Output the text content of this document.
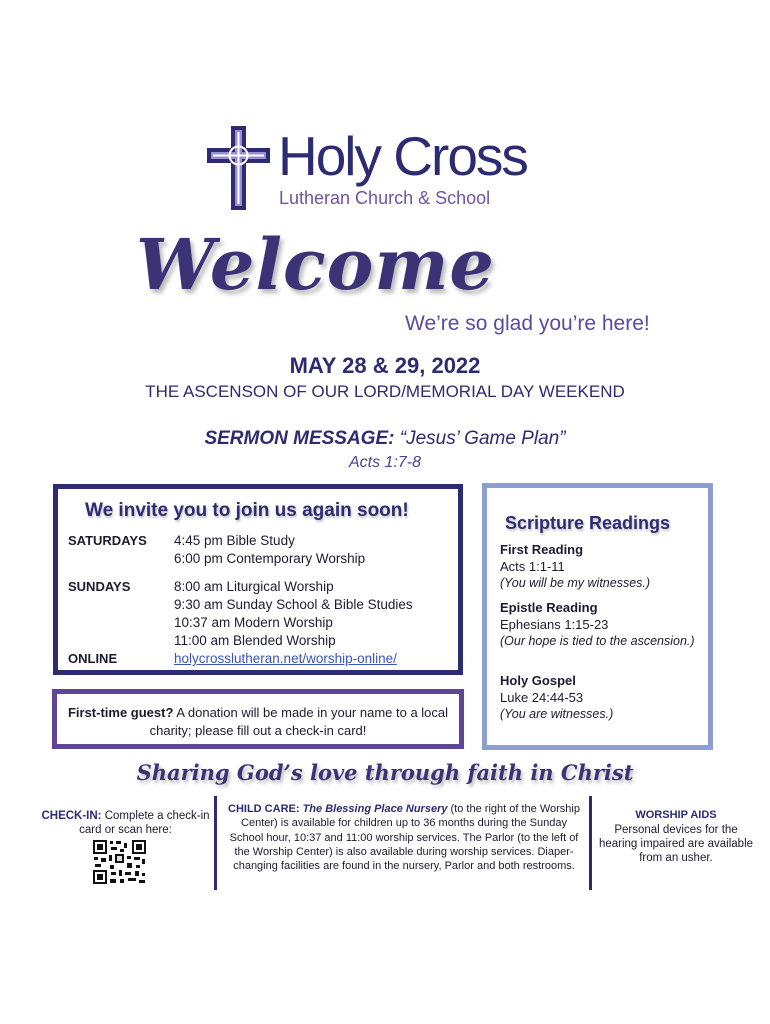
Holy Cross
Lutheran Church & School
Welcome
We’re so glad you’re here!
MAY 28 & 29, 2022
THE ASCENSON OF OUR LORD/MEMORIAL DAY WEEKEND
SERMON MESSAGE: “Jesus’ Game Plan”
Acts 1:7-8
We invite you to join us again soon!
SATURDAYS 4:45 pm Bible Study
6:00 pm Contemporary Worship
SUNDAYS	8:00 am Liturgical Worship
9:30 am Sunday School & Bible Studies
10:37 am Modern Worship
11:00 am Blended Worship
ONLINE	holycrosslutheran.net/worship-online/
First-time guest? A donation will be made in your name to a local charity; please fill out a check-in card!
Scripture Readings
First Reading
Acts 1:1-11
(You will be my witnesses.)
Epistle Reading
Ephesians 1:15-23
(Our hope is tied to the ascension.)
Holy Gospel
Luke 24:44-53
(You are witnesses.)
Sharing God’s love through faith in Christ
CHECK-IN: Complete a check-in card or scan here:
CHILD CARE: The Blessing Place Nursery (to the right of the Worship Center) is available for children up to 36 months during the Sunday School hour, 10:37 and 11:00 worship services. The Parlor (to the left of the Worship Center) is also available during worship services. Diaper-changing facilities are found in the nursery, Parlor and both restrooms.
WORSHIP AIDS
Personal devices for the hearing impaired are available from an usher.
